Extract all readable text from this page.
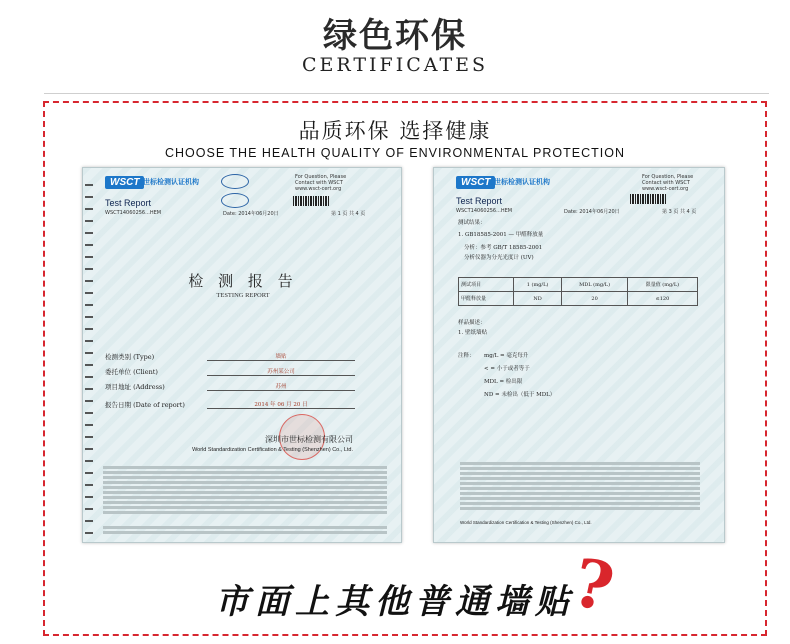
绿色环保
CERTIFICATES
品质环保 选择健康
CHOOSE THE HEALTH QUALITY OF ENVIRONMENTAL PROTECTION
WSCT 世标检测认证机构
For Question, Please Contact with WSCT www.wsct-cert.org
Test Report
WSCT14060256...HEM	Date: 2014年06月20日	第 1 页 共 4 页
检 测 报 告
TESTING REPORT
检测类别 (Type)	墙贴
委托单位 (Client)	苏州某公司
项目地址 (Address)	苏州
报告日期 (Date of report)	2014 年 06 月 20 日
深圳市世标检测有限公司
World Standardization Certification & Testing (Shenzhen) Co., Ltd.
WSCT 世标检测认证机构
For Question, Please Contact with WSCT www.wsct-cert.org
Test Report
WSCT14060256...HEM	Date: 2014年06月20日	第 3 页 共 4 页
测试结果：
1. GB18585-2001 — 甲醛释放量
分析：参考 GB/T 18585-2001
分析仪器为分光光度计 (UV)
测试项目	1 (mg/L)	MDL (mg/L)	限量值 (mg/L)
甲醛释放量	ND	20	≤120
样品描述：
1. 壁纸墙贴
注释： mg/L = 毫克每升
< = 小于或者等于
MDL = 检出限
ND = 未检出（低于 MDL）
World Standardization Certification & Testing (Shenzhen) Co., Ltd.
市面上其他普通墙贴
?
